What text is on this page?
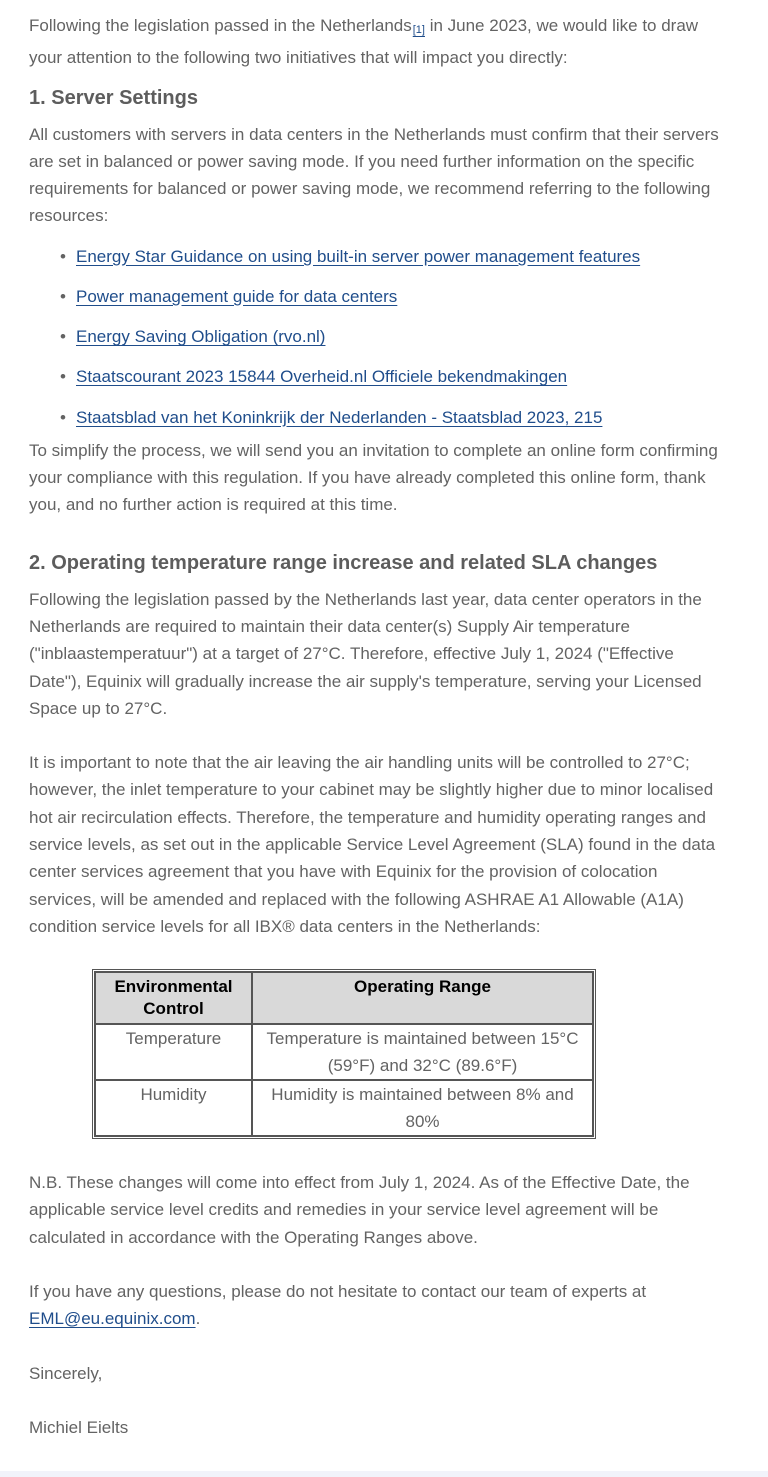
Following the legislation passed in the Netherlands[1] in June 2023, we would like to draw your attention to the following two initiatives that will impact you directly:

1. Server Settings

All customers with servers in data centers in the Netherlands must confirm that their servers are set in balanced or power saving mode. If you need further information on the specific requirements for balanced or power saving mode, we recommend referring to the following resources:

• Energy Star Guidance on using built-in server power management features
• Power management guide for data centers
• Energy Saving Obligation (rvo.nl)
• Staatscourant 2023 15844 Overheid.nl Officiele bekendmakingen
• Staatsblad van het Koninkrijk der Nederlanden - Staatsblad 2023, 215

To simplify the process, we will send you an invitation to complete an online form confirming your compliance with this regulation. If you have already completed this online form, thank you, and no further action is required at this time.

2. Operating temperature range increase and related SLA changes

Following the legislation passed by the Netherlands last year, data center operators in the Netherlands are required to maintain their data center(s) Supply Air temperature ("inblaastemperatuur") at a target of 27°C. Therefore, effective July 1, 2024 ("Effective Date"), Equinix will gradually increase the air supply's temperature, serving your Licensed Space up to 27°C.

It is important to note that the air leaving the air handling units will be controlled to 27°C; however, the inlet temperature to your cabinet may be slightly higher due to minor localised hot air recirculation effects. Therefore, the temperature and humidity operating ranges and service levels, as set out in the applicable Service Level Agreement (SLA) found in the data center services agreement that you have with Equinix for the provision of colocation services, will be amended and replaced with the following ASHRAE A1 Allowable (A1A) condition service levels for all IBX® data centers in the Netherlands:

Environmental Control	Operating Range
Temperature	Temperature is maintained between 15°C (59°F) and 32°C (89.6°F)
Humidity	Humidity is maintained between 8% and 80%

N.B. These changes will come into effect from July 1, 2024. As of the Effective Date, the applicable service level credits and remedies in your service level agreement will be calculated in accordance with the Operating Ranges above.

If you have any questions, please do not hesitate to contact our team of experts at EML@eu.equinix.com.

Sincerely,

Michiel Eielts
